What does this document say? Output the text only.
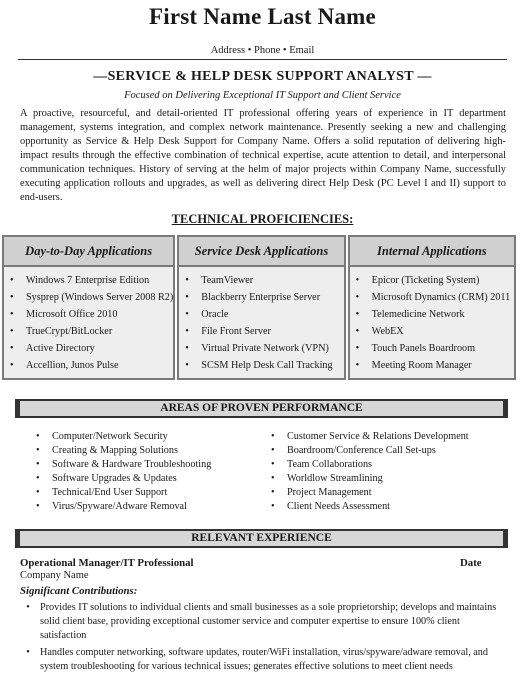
First Name Last Name
Address • Phone • Email
—SERVICE & HELP DESK SUPPORT ANALYST —
Focused on Delivering Exceptional IT Support and Client Service
A proactive, resourceful, and detail-oriented IT professional offering years of experience in IT department management, systems integration, and complex network maintenance. Presently seeking a new and challenging opportunity as Service & Help Desk Support for Company Name. Offers a solid reputation of delivering high-impact results through the effective combination of technical expertise, acute attention to detail, and interpersonal communication techniques. History of serving at the helm of major projects within Company Name, successfully executing application rollouts and upgrades, as well as delivering direct Help Desk (PC Level I and II) support to end-users.
TECHNICAL PROFICIENCIES:
Day-to-Day Applications
• Windows 7 Enterprise Edition
• Sysprep (Windows Server 2008 R2)
• Microsoft Office 2010
• TrueCrypt/BitLocker
• Active Directory
• Accellion, Junos Pulse
Service Desk Applications
• TeamViewer
• Blackberry Enterprise Server
• Oracle
• File Front Server
• Virtual Private Network (VPN)
• SCSM Help Desk Call Tracking
Internal Applications
• Epicor (Ticketing System)
• Microsoft Dynamics (CRM) 2011
• Telemedicine Network
• WebEX
• Touch Panels Boardroom
• Meeting Room Manager
AREAS OF PROVEN PERFORMANCE
• Computer/Network Security
• Creating & Mapping Solutions
• Software & Hardware Troubleshooting
• Software Upgrades & Updates
• Technical/End User Support
• Virus/Spyware/Adware Removal
• Customer Service & Relations Development
• Boardroom/Conference Call Set-ups
• Team Collaborations
• Worldlow Streamlining
• Project Management
• Client Needs Assessment
RELEVANT EXPERIENCE
Operational Manager/IT Professional	Date
Company Name
Significant Contributions:
•	Provides IT solutions to individual clients and small businesses as a sole proprietorship; develops and maintains solid client base, providing exceptional customer service and computer expertise to ensure 100% client satisfaction
•	Handles computer networking, software updates, router/WiFi installation, virus/spyware/adware removal, and system troubleshooting for various technical issues; generates effective solutions to meet client needs
